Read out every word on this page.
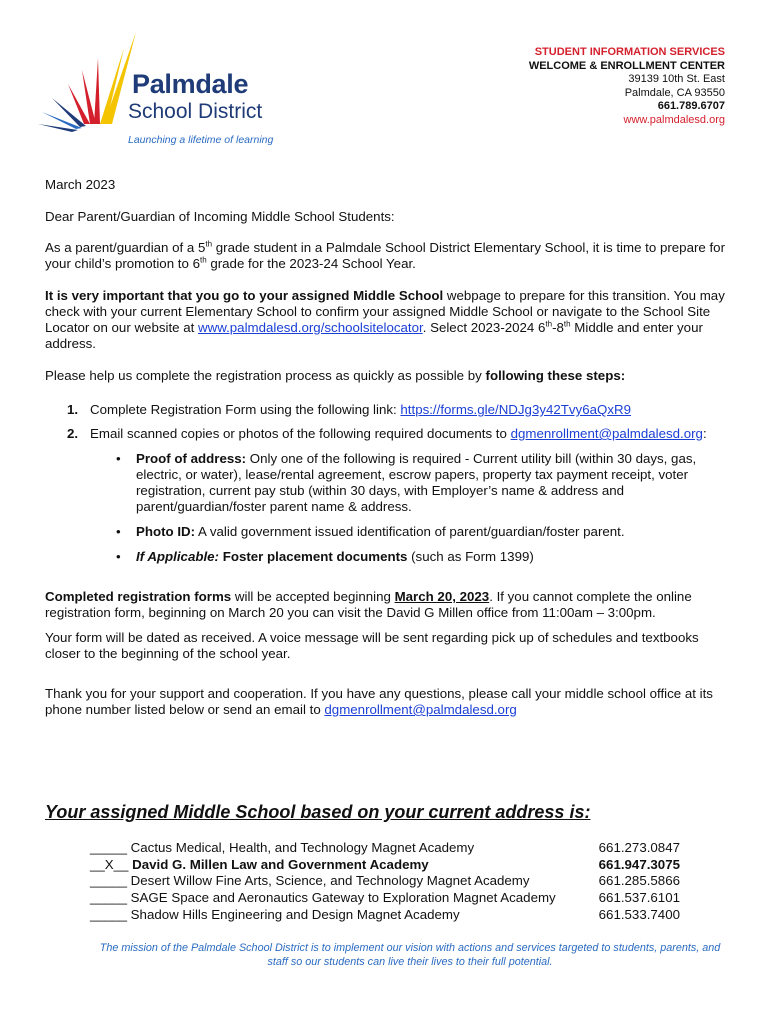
Palmdale
School District
Launching a lifetime of learning
STUDENT INFORMATION SERVICES
WELCOME & ENROLLMENT CENTER
39139 10th St. East
Palmdale, CA 93550
661.789.6707
www.palmdalesd.org

March 2023

Dear Parent/Guardian of Incoming Middle School Students:

As a parent/guardian of a 5th grade student in a Palmdale School District Elementary School, it is time to prepare for your child’s promotion to 6th grade for the 2023-24 School Year.

It is very important that you go to your assigned Middle School webpage to prepare for this transition. You may check with your current Elementary School to confirm your assigned Middle School or navigate to the School Site Locator on our website at www.palmdalesd.org/schoolsitelocator. Select 2023-2024 6th-8th Middle and enter your address.

Please help us complete the registration process as quickly as possible by following these steps:

1. Complete Registration Form using the following link: https://forms.gle/NDJg3y42Tvy6aQxR9
2. Email scanned copies or photos of the following required documents to dgmenrollment@palmdalesd.org:
• Proof of address: Only one of the following is required - Current utility bill (within 30 days, gas, electric, or water), lease/rental agreement, escrow papers, property tax payment receipt, voter registration, current pay stub (within 30 days, with Employer’s name & address and parent/guardian/foster parent name & address.
• Photo ID: A valid government issued identification of parent/guardian/foster parent.
• If Applicable: Foster placement documents (such as Form 1399)

Completed registration forms will be accepted beginning March 20, 2023. If you cannot complete the online registration form, beginning on March 20 you can visit the David G Millen office from 11:00am – 3:00pm.

Your form will be dated as received. A voice message will be sent regarding pick up of schedules and textbooks closer to the beginning of the school year.

Thank you for your support and cooperation. If you have any questions, please call your middle school office at its phone number listed below or send an email to dgmenrollment@palmdalesd.org

Your assigned Middle School based on your current address is:
_____ Cactus Medical, Health, and Technology Magnet Academy	661.273.0847
__X__ David G. Millen Law and Government Academy	661.947.3075
_____ Desert Willow Fine Arts, Science, and Technology Magnet Academy	661.285.5866
_____ SAGE Space and Aeronautics Gateway to Exploration Magnet Academy	661.537.6101
_____ Shadow Hills Engineering and Design Magnet Academy	661.533.7400
The mission of the Palmdale School District is to implement our vision with actions and services targeted to students, parents, and staff so our students can live their lives to their full potential.
